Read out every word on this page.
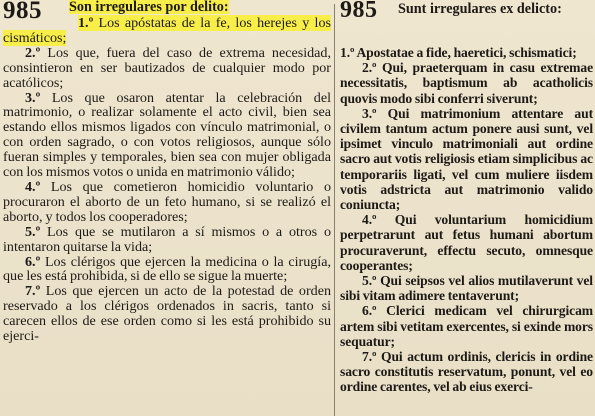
985 Son irregulares por delito:

1.º Los apóstatas de la fe, los herejes y los cismáticos;

2.º Los que, fuera del caso de extrema necesidad, consintieron en ser bautizados de cualquier modo por acatólicos;

3.º Los que osaron atentar la celebración del matrimonio, o realizar solamente el acto civil, bien sea estando ellos mismos ligados con vínculo matrimonial, o con orden sagrado, o con votos religiosos, aunque sólo fueran simples y temporales, bien sea con mujer obligada con los mismos votos o unida en matrimonio válido;

4.º Los que cometieron homicidio voluntario o procuraron el aborto de un feto humano, si se realizó el aborto, y todos los cooperadores;

5.º Los que se mutilaron a sí mismos o a otros o intentaron quitarse la vida;

6.º Los clérigos que ejercen la medicina o la cirugía, que les está prohibida, si de ello se sigue la muerte;

7.º Los que ejercen un acto de la potestad de orden reservado a los clérigos ordenados in sacris, tanto si carecen ellos de ese orden como si les está prohibido su ejerci-

985 Sunt irregulares ex delicto:

1.º Apostatae a fide, haeretici, schismatici;

2.º Qui, praeterquam in casu extremae necessitatis, baptismum ab acatholicis quovis modo sibi conferri siverunt;

3.º Qui matrimonium attentare aut civilem tantum actum ponere ausi sunt, vel ipsimet vinculo matrimoniali aut ordine sacro aut votis religiosis etiam simplicibus ac temporariis ligati, vel cum muliere iisdem votis adstricta aut matrimonio valido coniuncta;

4.º Qui voluntarium homicidium perpetrarunt aut fetus humani abortum procuraverunt, effectu secuto, omnesque cooperantes;

5.º Qui seipsos vel alios mutilaverunt vel sibi vitam adimere tentaverunt;

6.º Clerici medicam vel chirurgicam artem sibi vetitam exercentes, si exinde mors sequatur;

7.º Qui actum ordinis, clericis in ordine sacro constitutis reservatum, ponunt, vel eo ordine carentes, vel ab eius exerci-
